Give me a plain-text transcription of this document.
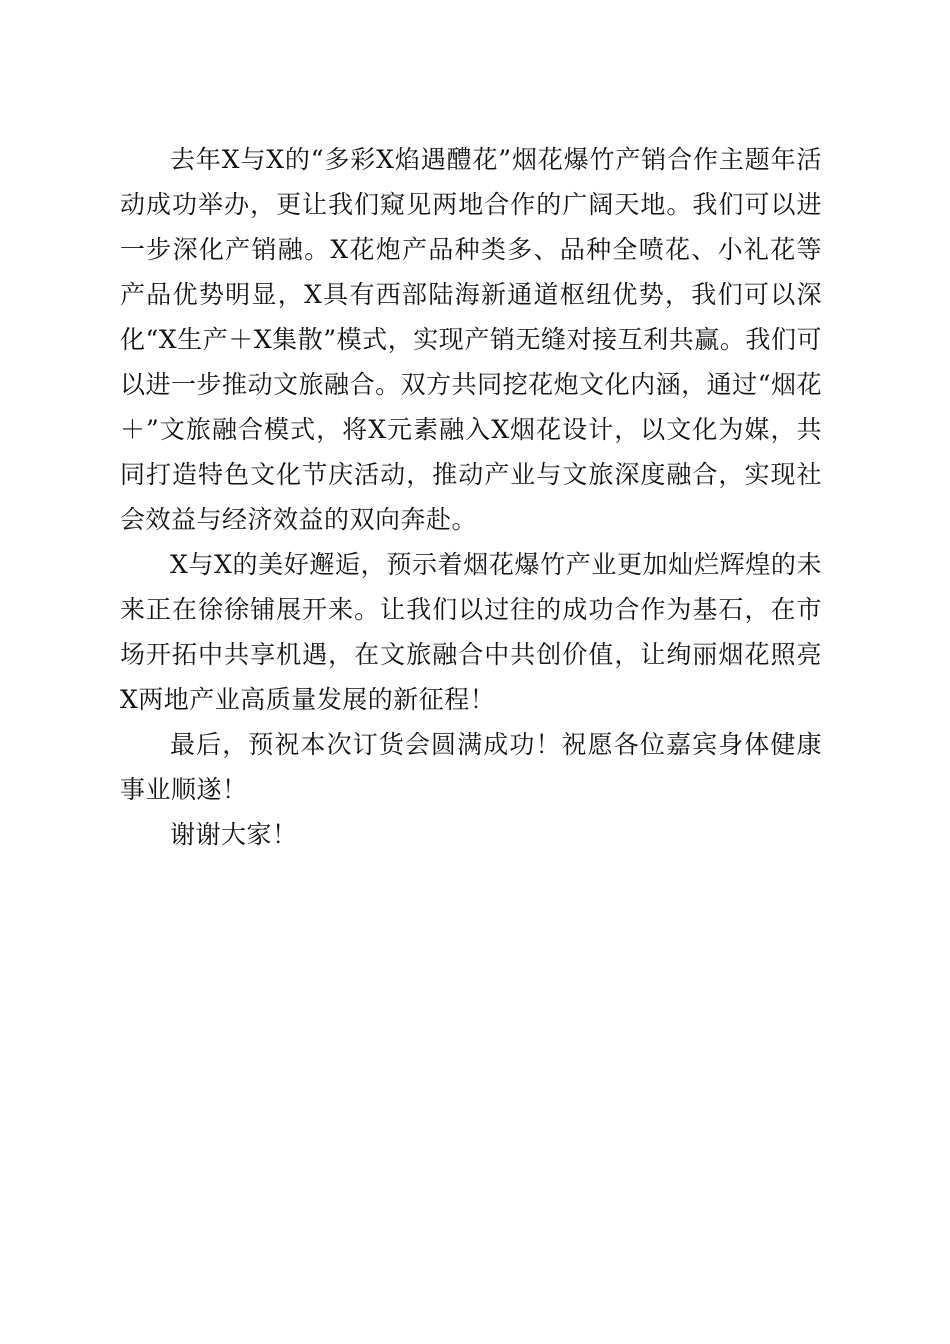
去年X与X的“多彩X焰遇醴花”烟花爆竹产销合作主题年活动成功举办，更让我们窥见两地合作的广阔天地。我们可以进一步深化产销融。X花炮产品种类多、品种全喷花、小礼花等产品优势明显，X具有西部陆海新通道枢纽优势，我们可以深化“X生产＋X集散”模式，实现产销无缝对接互利共赢。我们可以进一步推动文旅融合。双方共同挖花炮文化内涵，通过“烟花＋”文旅融合模式，将X元素融入X烟花设计，以文化为媒，共同打造特色文化节庆活动，推动产业与文旅深度融合，实现社会效益与经济效益的双向奔赴。

X与X的美好邂逅，预示着烟花爆竹产业更加灿烂辉煌的未来正在徐徐铺展开来。让我们以过往的成功合作为基石，在市场开拓中共享机遇，在文旅融合中共创价值，让绚丽烟花照亮X两地产业高质量发展的新征程！

最后，预祝本次订货会圆满成功！祝愿各位嘉宾身体健康事业顺遂！

谢谢大家！
